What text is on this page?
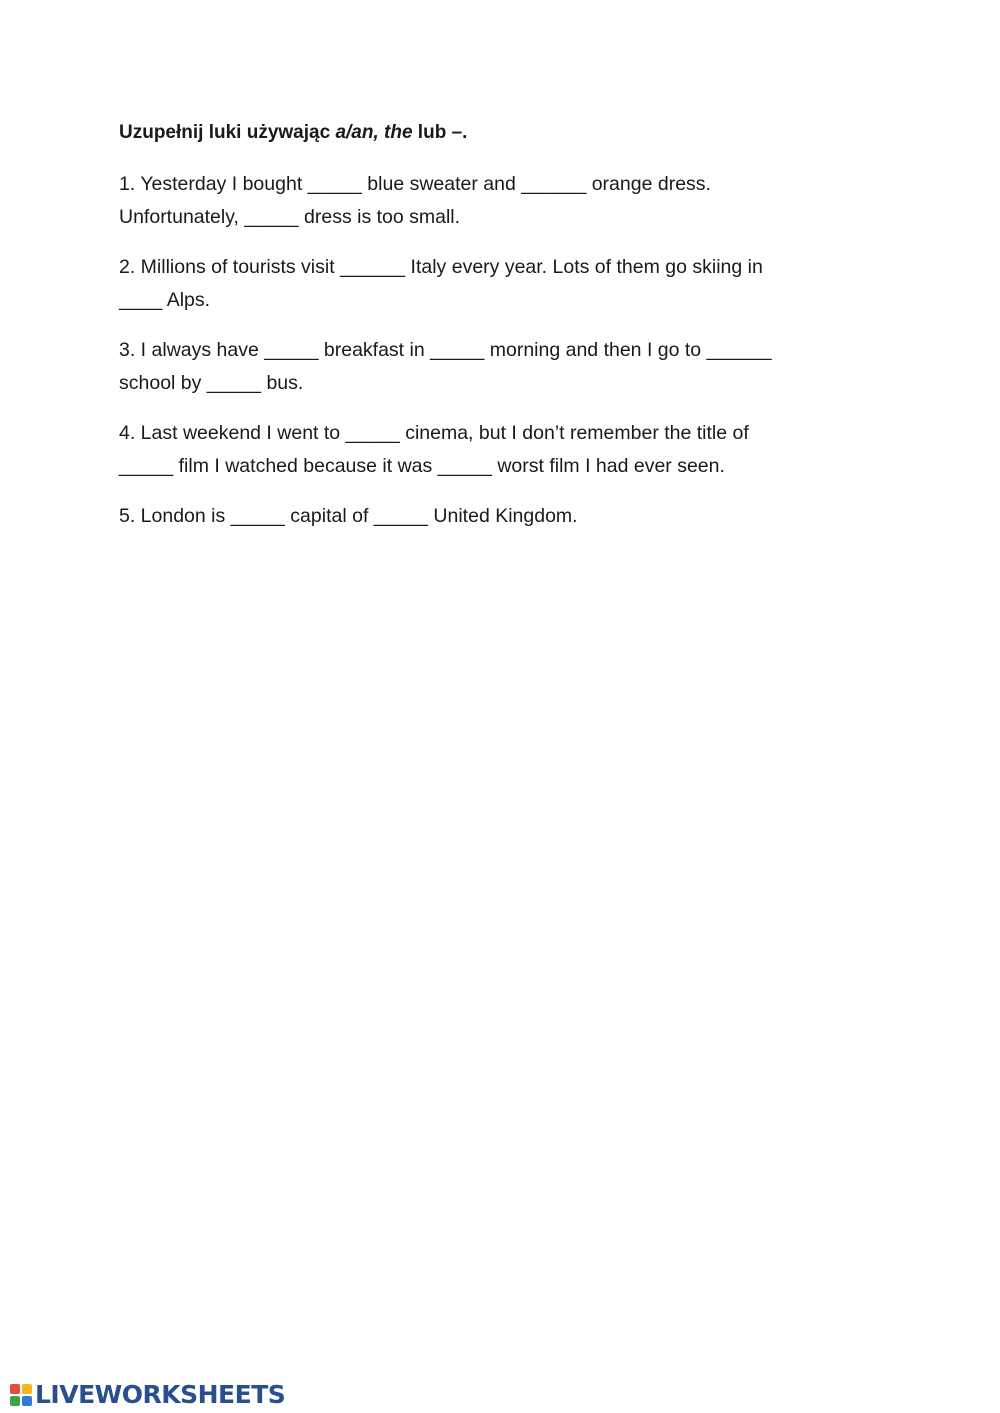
Uzupełnij luki używając a/an, the lub –.

1. Yesterday I bought _____ blue sweater and ______ orange dress.
Unfortunately, _____ dress is too small.
2. Millions of tourists visit ______ Italy every year. Lots of them go skiing in
____ Alps.
3. I always have _____ breakfast in _____ morning and then I go to ______
school by _____ bus.
4. Last weekend I went to _____ cinema, but I don’t remember the title of
_____ film I watched because it was _____ worst film I had ever seen.
5. London is _____ capital of _____ United Kingdom.
LIVEWORKSHEETS
